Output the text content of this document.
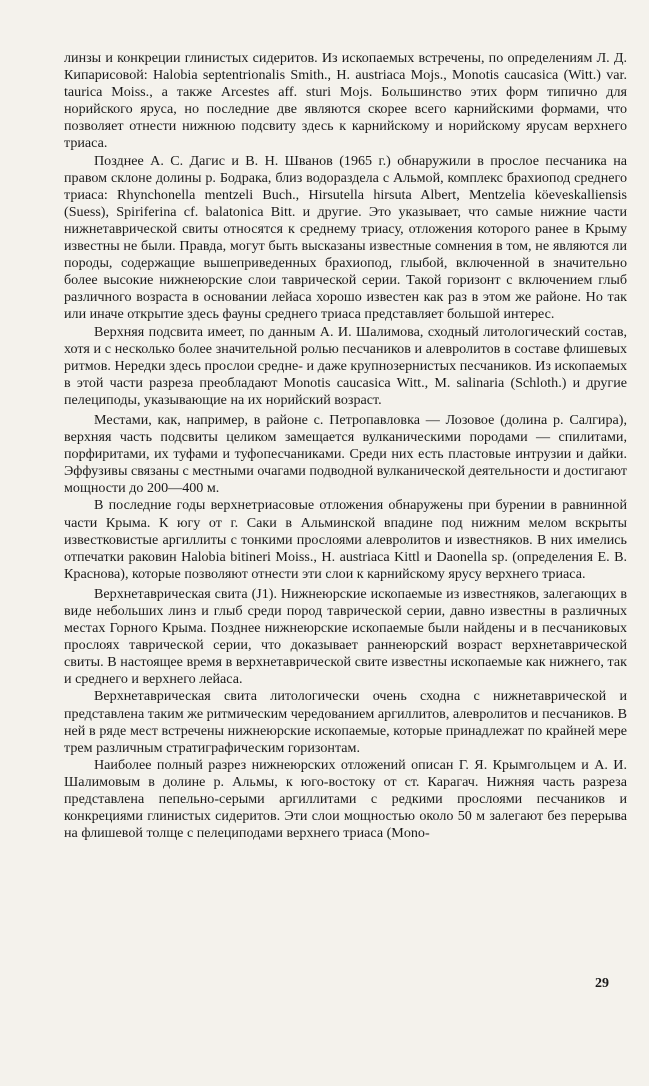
линзы и конкреции глинистых сидеритов. Из ископаемых встречены, по определениям Л. Д. Кипарисовой: Halobia septentrionalis Smith., H. austriaca Mojs., Monotis caucasica (Witt.) var. taurica Moiss., а также Arcestes aff. sturi Mojs. Большинство этих форм типично для норийского яруса, но последние две являются скорее всего карнийскими формами, что позволяет отнести нижнюю подсвиту здесь к карнийскому и норийскому ярусам верхнего триаса.

Позднее А. С. Дагис и В. Н. Шванов (1965 г.) обнаружили в прослое песчаника на правом склоне долины р. Бодрака, близ водораздела с Альмой, комплекс брахиопод среднего триаса: Rhynchonella mentzeli Buch., Hirsutella hirsuta Albert, Mentzelia köeveskalliensis (Suess), Spiriferina cf. balatonica Bitt. и другие. Это указывает, что самые нижние части нижнетаврической свиты относятся к среднему триасу, отложения которого ранее в Крыму известны не были. Правда, могут быть высказаны известные сомнения в том, не являются ли породы, содержащие вышеприведенных брахиопод, глыбой, включенной в значительно более высокие нижнеюрские слои таврической серии. Такой горизонт с включением глыб различного возраста в основании лейаса хорошо известен как раз в этом же районе. Но так или иначе открытие здесь фауны среднего триаса представляет большой интерес.

Верхняя подсвита имеет, по данным А. И. Шалимова, сходный литологический состав, хотя и с несколько более значительной ролью песчаников и алевролитов в составе флишевых ритмов. Нередки здесь прослои средне- и даже крупнозернистых песчаников. Из ископаемых в этой части разреза преобладают Monotis caucasica Witt., M. salinaria (Schloth.) и другие пелециподы, указывающие на их норийский возраст.

Местами, как, например, в районе с. Петропавловка — Лозовое (долина р. Салгира), верхняя часть подсвиты целиком замещается вулканическими породами — спилитами, порфиритами, их туфами и туфопесчаниками. Среди них есть пластовые интрузии и дайки. Эффузивы связаны с местными очагами подводной вулканической деятельности и достигают мощности до 200—400 м.

В последние годы верхнетриасовые отложения обнаружены при бурении в равнинной части Крыма. К югу от г. Саки в Альминской впадине под нижним мелом вскрыты известковистые аргиллиты с тонкими прослоями алевролитов и известняков. В них имелись отпечатки раковин Halobia bitineri Moiss., H. austriaca Kittl и Daonella sp. (определения Е. В. Краснова), которые позволяют отнести эти слои к карнийскому ярусу верхнего триаса.

Верхнетаврическая свита (J1). Нижнеюрские ископаемые из известняков, залегающих в виде небольших линз и глыб среди пород таврической серии, давно известны в различных местах Горного Крыма. Позднее нижнеюрские ископаемые были найдены и в песчаниковых прослоях таврической серии, что доказывает раннеюрский возраст верхнетаврической свиты. В настоящее время в верхнетаврической свите известны ископаемые как нижнего, так и среднего и верхнего лейаса.

Верхнетаврическая свита литологически очень сходна с нижнетаврической и представлена таким же ритмическим чередованием аргиллитов, алевролитов и песчаников. В ней в ряде мест встречены нижнеюрские ископаемые, которые принадлежат по крайней мере трем различным стратиграфическим горизонтам.

Наиболее полный разрез нижнеюрских отложений описан Г. Я. Крымгольцем и А. И. Шалимовым в долине р. Альмы, к юго-востоку от ст. Карагач. Нижняя часть разреза представлена пепельно-серыми аргиллитами с редкими прослоями песчаников и конкрециями глинистых сидеритов. Эти слои мощностью около 50 м залегают без перерыва на флишевой толще с пелециподами верхнего триаса (Mono-

29
